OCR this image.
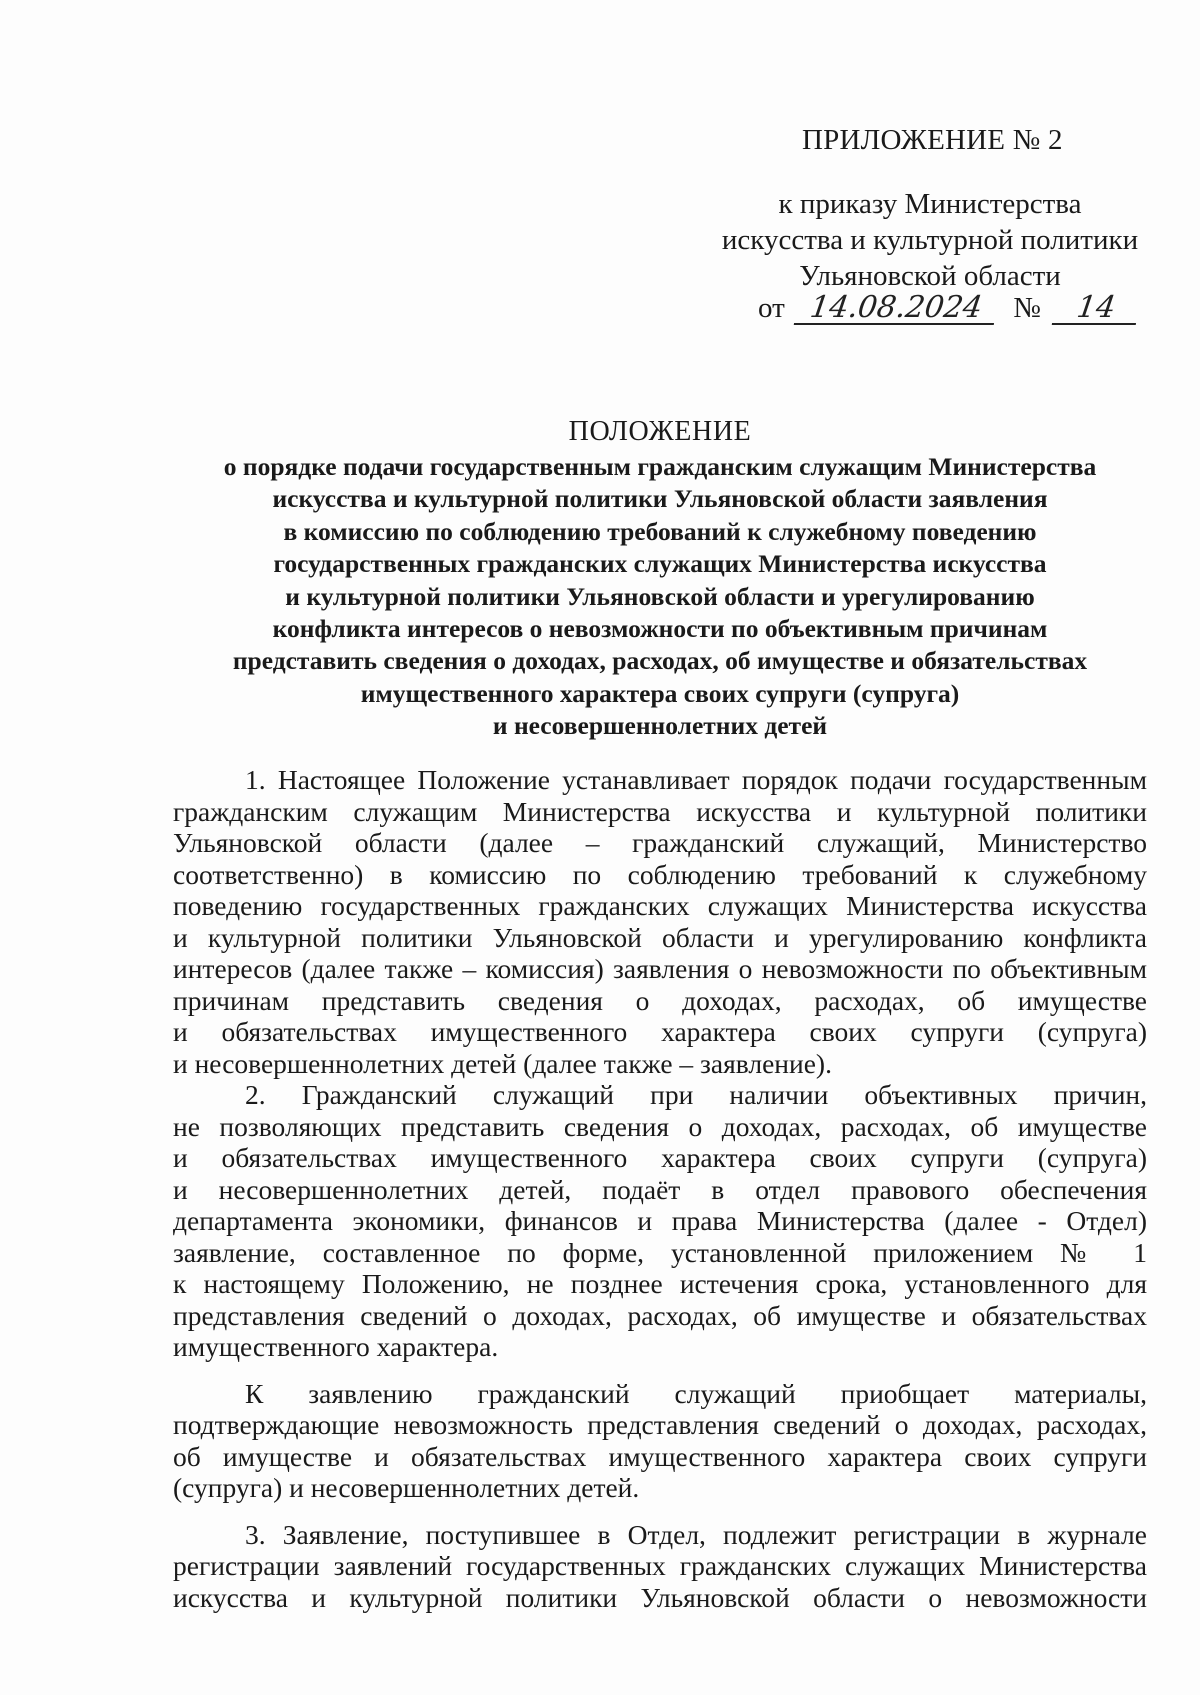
ПРИЛОЖЕНИЕ № 2
к приказу Министерства
искусства и культурной политики
Ульяновской области
от 14.08.2024 № 14
ПОЛОЖЕНИЕ
о порядке подачи государственным гражданским служащим Министерства
искусства и культурной политики Ульяновской области заявления
в комиссию по соблюдению требований к служебному поведению
государственных гражданских служащих Министерства искусства
и культурной политики Ульяновской области и урегулированию
конфликта интересов о невозможности по объективным причинам
представить сведения о доходах, расходах, об имуществе и обязательствах
имущественного характера своих супруги (супруга)
и несовершеннолетних детей
1. Настоящее Положение устанавливает порядок подачи государственным
гражданским служащим Министерства искусства и культурной политики
Ульяновской области (далее – гражданский служащий, Министерство
соответственно) в комиссию по соблюдению требований к служебному
поведению государственных гражданских служащих Министерства искусства
и культурной политики Ульяновской области и урегулированию конфликта
интересов (далее также – комиссия) заявления о невозможности по объективным
причинам представить сведения о доходах, расходах, об имуществе
и обязательствах имущественного характера своих супруги (супруга)
и несовершеннолетних детей (далее также – заявление).
2. Гражданский служащий при наличии объективных причин,
не позволяющих представить сведения о доходах, расходах, об имуществе
и обязательствах имущественного характера своих супруги (супруга)
и несовершеннолетних детей, подаёт в отдел правового обеспечения
департамента экономики, финансов и права Министерства (далее - Отдел)
заявление, составленное по форме, установленной приложением № 1
к настоящему Положению, не позднее истечения срока, установленного для
представления сведений о доходах, расходах, об имуществе и обязательствах
имущественного характера.
К заявлению гражданский служащий приобщает материалы,
подтверждающие невозможность представления сведений о доходах, расходах,
об имуществе и обязательствах имущественного характера своих супруги
(супруга) и несовершеннолетних детей.
3. Заявление, поступившее в Отдел, подлежит регистрации в журнале
регистрации заявлений государственных гражданских служащих Министерства
искусства и культурной политики Ульяновской области о невозможности
